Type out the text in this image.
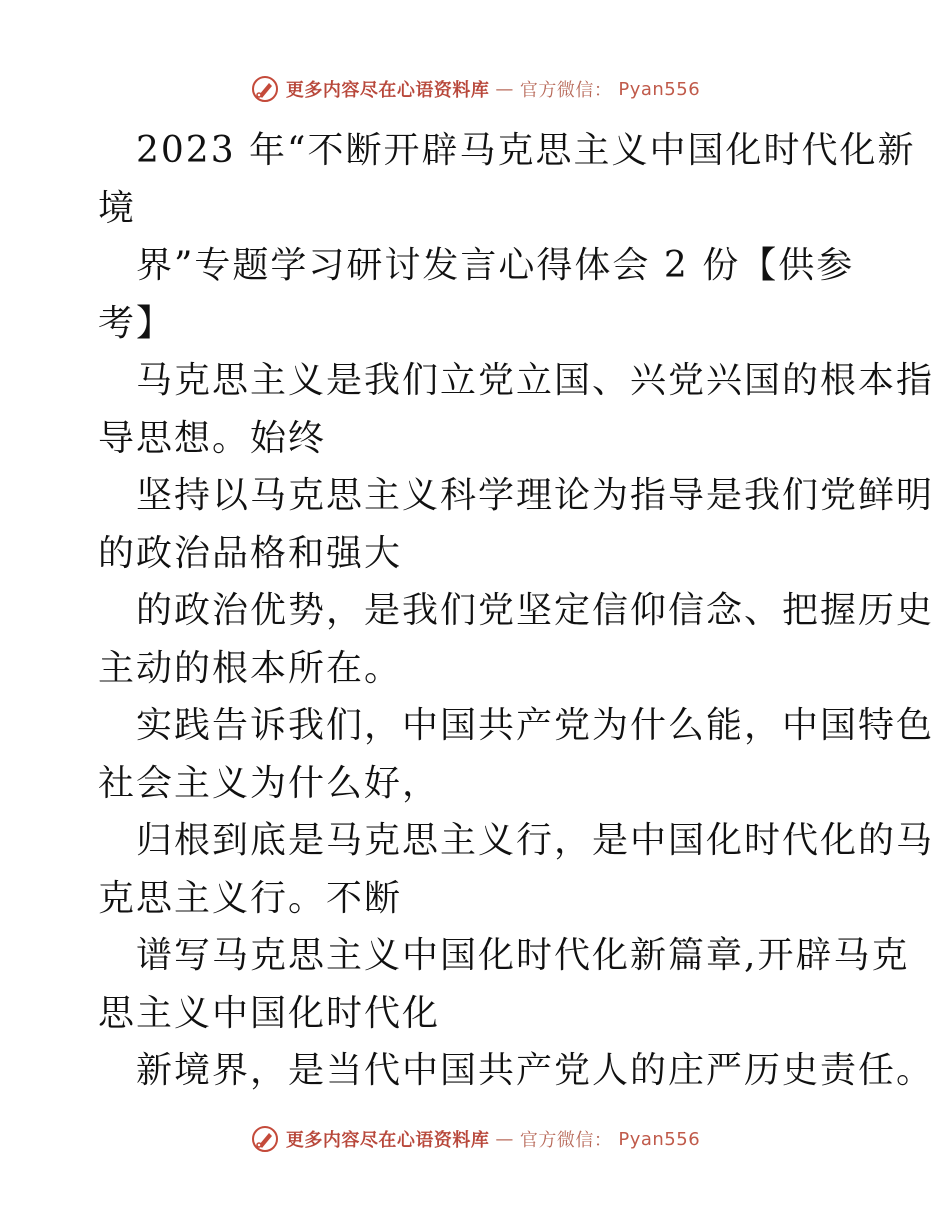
更多内容尽在心语资料库 — 官方微信： Pyan556

2023 年“不断开辟马克思主义中国化时代化新

境

界”专题学习研讨发言心得体会 2 份【供参

考】

马克思主义是我们立党立国、兴党兴国的根本指

导思想。始终

坚持以马克思主义科学理论为指导是我们党鲜明

的政治品格和强大

的政治优势，是我们党坚定信仰信念、把握历史

主动的根本所在。

实践告诉我们，中国共产党为什么能，中国特色

社会主义为什么好，

归根到底是马克思主义行，是中国化时代化的马

克思主义行。不断

谱写马克思主义中国化时代化新篇章,开辟马克

思主义中国化时代化

新境界，是当代中国共产党人的庄严历史责任。

更多内容尽在心语资料库 — 官方微信： Pyan556
